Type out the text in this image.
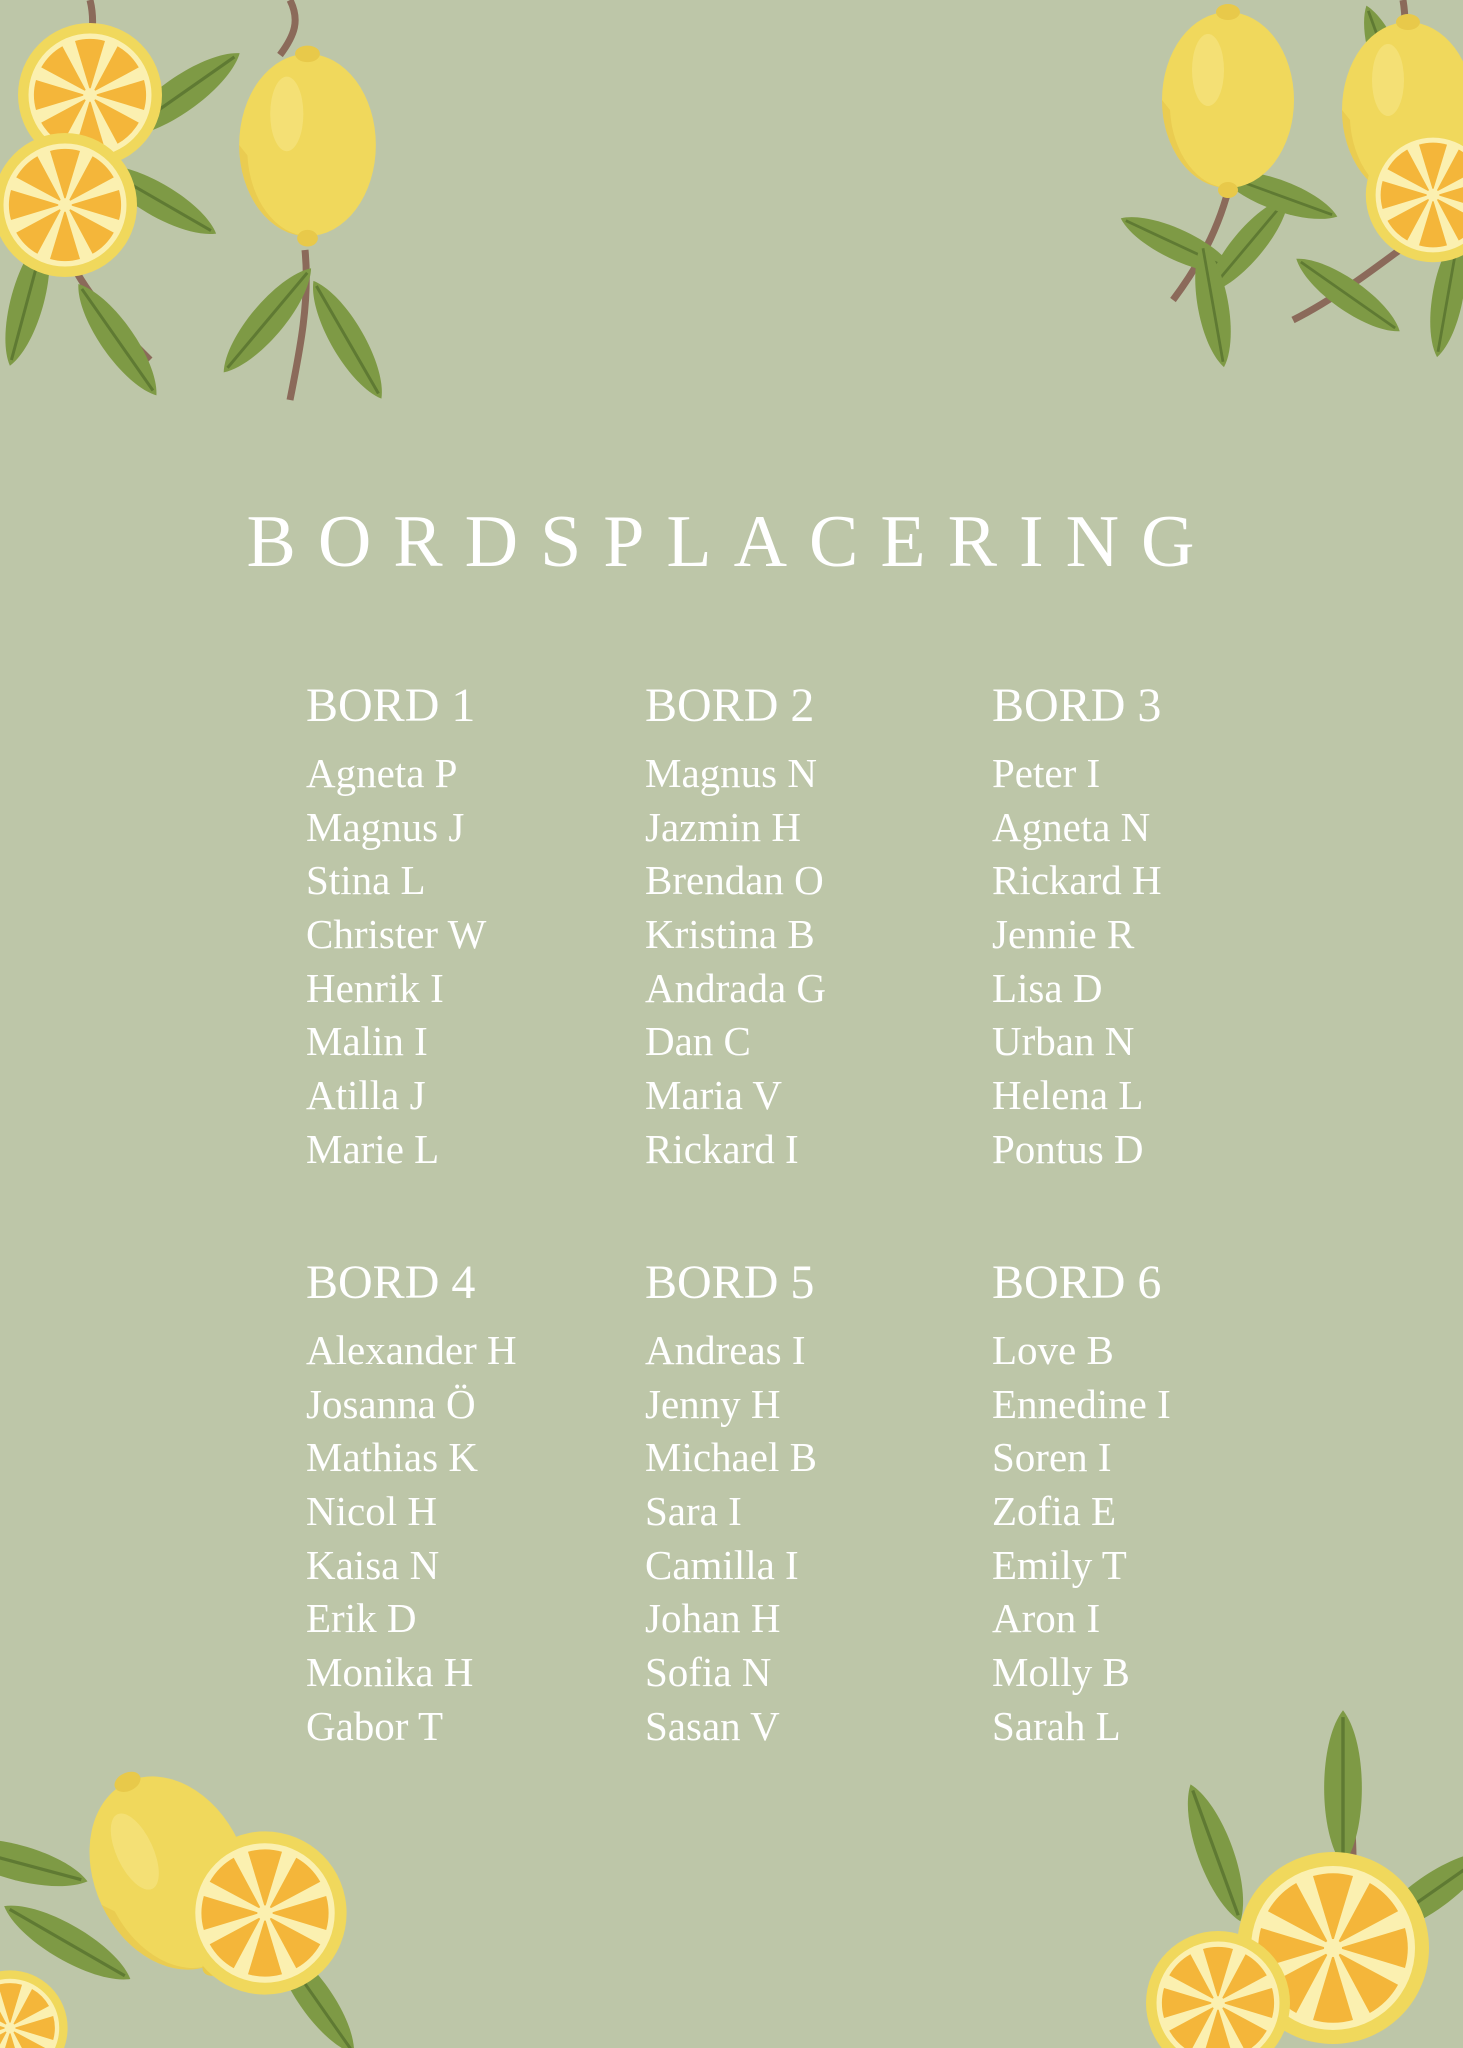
BORDSPLACERING
BORD 1
Agneta P
Magnus J
Stina L
Christer W
Henrik I
Malin I
Atilla J
Marie L
BORD 2
Magnus N
Jazmin H
Brendan O
Kristina B
Andrada G
Dan C
Maria V
Rickard I
BORD 3
Peter I
Agneta N
Rickard H
Jennie R
Lisa D
Urban N
Helena L
Pontus D
BORD 4
Alexander H
Josanna Ö
Mathias K
Nicol H
Kaisa N
Erik D
Monika H
Gabor T
BORD 5
Andreas I
Jenny H
Michael B
Sara I
Camilla I
Johan H
Sofia N
Sasan V
BORD 6
Love B
Ennedine I
Soren I
Zofia E
Emily T
Aron I
Molly B
Sarah L
